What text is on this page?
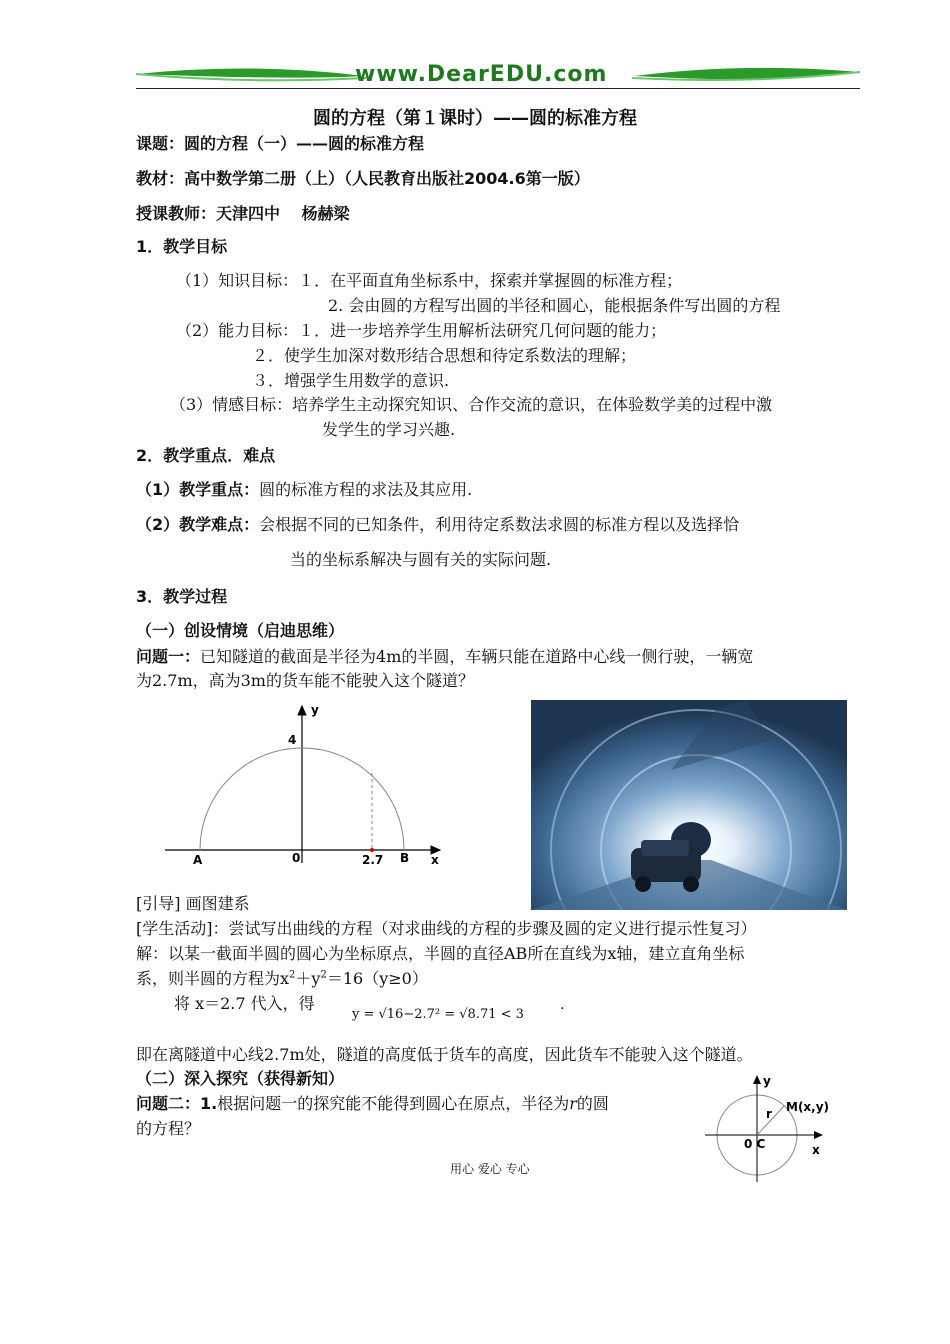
www.DearEDU.com
圆的方程（第１课时）——圆的标准方程
课题：圆的方程（一）——圆的标准方程
教材：高中数学第二册（上）（人民教育出版社2004.6第一版）
授课教师：天津四中　 杨赫梁
1．教学目标
（1）知识目标：１．在平面直角坐标系中，探索并掌握圆的标准方程；
2. 会由圆的方程写出圆的半径和圆心，能根据条件写出圆的方程
（2）能力目标：１．进一步培养学生用解析法研究几何问题的能力；
２．使学生加深对数形结合思想和待定系数法的理解；
３．增强学生用数学的意识.
（3）情感目标：培养学生主动探究知识、合作交流的意识，在体验数学美的过程中激
发学生的学习兴趣.
2．教学重点．难点
（1）教学重点：圆的标准方程的求法及其应用.
（2）教学难点：会根据不同的已知条件，利用待定系数法求圆的标准方程以及选择恰
当的坐标系解决与圆有关的实际问题.
3．教学过程
（一）创设情境（启迪思维）
问题一：已知隧道的截面是半径为4m的半圆，车辆只能在道路中心线一侧行驶，一辆宽
为2.7m，高为3m的货车能不能驶入这个隧道？
y
4
A	0	2.7 B x
[引导] 画图建系
[学生活动]：尝试写出曲线的方程（对求曲线的方程的步骤及圆的定义进行提示性复习）
解：以某一截面半圆的圆心为坐标原点，半圆的直径AB所在直线为x轴，建立直角坐标
系，则半圆的方程为$x^2+y^2=16(y\ge 0)$
将 x＝2.7 代入，得
y = √16−2.7² = √8.71 < 3
.
即在离隧道中心线2.7m处，隧道的高度低于货车的高度，因此货车不能驶入这个隧道。
（二）深入探究（获得新知）
问题二：1.根据问题一的探究能不能得到圆心在原点，半径为r的圆
的方程？
y
r M(x,y)
0 C	x
用心 爱心 专心
